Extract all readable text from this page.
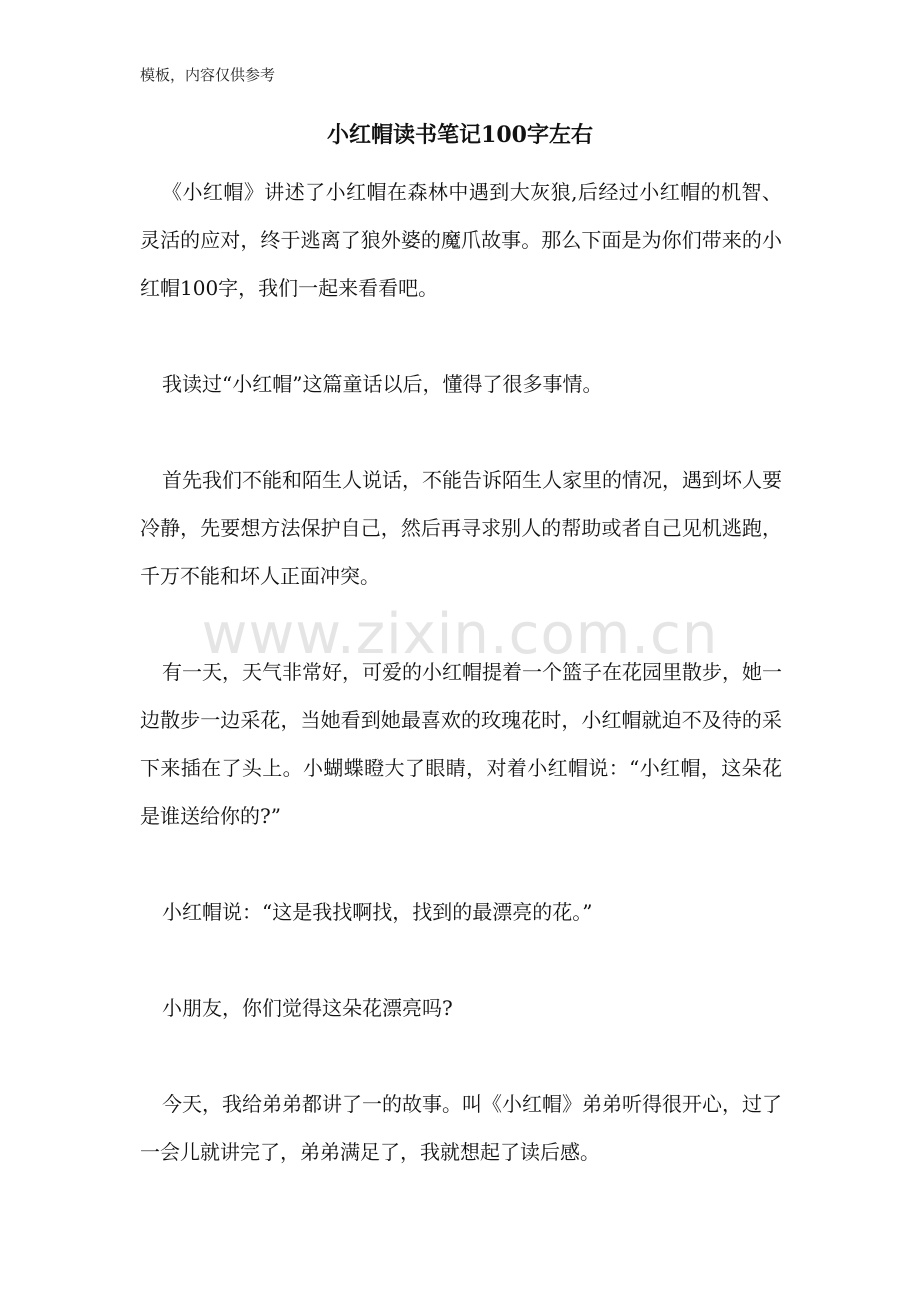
模板，内容仅供参考
小红帽读书笔记100字左右

《小红帽》讲述了小红帽在森林中遇到大灰狼,后经过小红帽的机智、灵活的应对，终于逃离了狼外婆的魔爪故事。那么下面是为你们带来的小红帽100字，我们一起来看看吧。

我读过“小红帽”这篇童话以后，懂得了很多事情。

首先我们不能和陌生人说话，不能告诉陌生人家里的情况，遇到坏人要冷静，先要想方法保护自己，然后再寻求别人的帮助或者自己见机逃跑，千万不能和坏人正面冲突。

有一天，天气非常好，可爱的小红帽提着一个篮子在花园里散步，她一边散步一边采花，当她看到她最喜欢的玫瑰花时，小红帽就迫不及待的采下来插在了头上。小蝴蝶瞪大了眼睛，对着小红帽说：“小红帽，这朵花是谁送给你的?”

小红帽说：“这是我找啊找，找到的最漂亮的花。”

小朋友，你们觉得这朵花漂亮吗?

今天，我给弟弟都讲了一的故事。叫《小红帽》弟弟听得很开心，过了一会儿就讲完了，弟弟满足了，我就想起了读后感。

www.zixin.com.cn
